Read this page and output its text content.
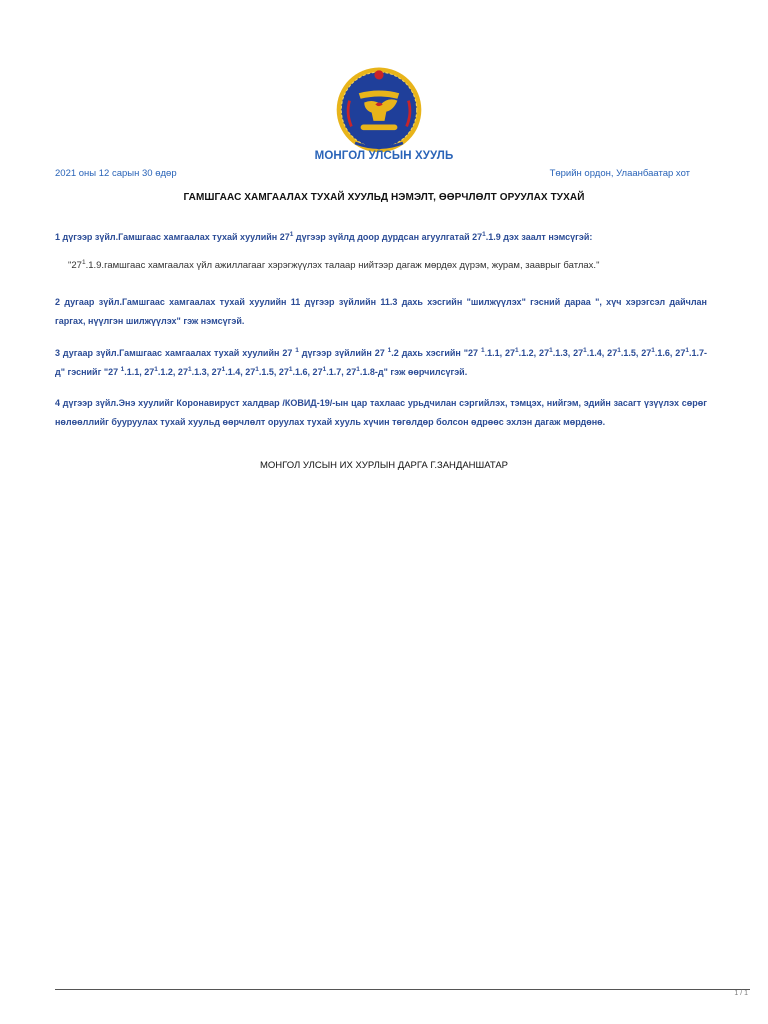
МОНГОЛ УЛСЫН ХУУЛЬ
2021 оны 12 сарын 30 өдөр	Төрийн ордон, Улаанбаатар хот
ГАМШГААС ХАМГААЛАХ ТУХАЙ ХУУЛЬД НЭМЭЛТ, ӨӨРЧЛӨЛТ ОРУУЛАХ ТУХАЙ
1 дүгээр зүйл.Гамшгаас хамгаалах тухай хуулийн $27^1$ дүгээр зүйлд доор дурдсан агуулгатай $27^1.1.9$ дэх заалт нэмсүгэй:
"$27^1.1.9.гамшгаас$ хамгаалах үйл ажиллагааг хэрэгжүүлэх талаар нийтээр дагаж мөрдөх дүрэм, журам, зааврыг батлах."
2 дугаар зүйл.Гамшгаас хамгаалах тухай хуулийн 11 дүгээр зүйлийн 11.3 дахь хэсгийн "шилжүүлэх" гэсний дараа ", хүч хэрэгсэл дайчлан гаргах, нүүлгэн шилжүүлэх" гэж нэмсүгэй.
3 дугаар зүйл.Гамшгаас хамгаалах тухай хуулийн 27 $^1$ дүгээр зүйлийн 27 $^1$.2 дахь хэсгийн "27 $^1$.1.1, $27^1.1.2$, $27^1.1.3$, $27^1.1.4$, $27^1.1.5$, $27^1.1.6$, $27^1.1.7-д$" гэснийг "27 $^1$.1.1, $27^1.1.2$, $27^1.1.3$, $27^1.1.4$, $27^1.1.5$, $27^1.1.6$, $27^1.1.7$, $27^1.1.8-д$" гэж өөрчилсүгэй.
4 дүгээр зүйл.Энэ хуулийг Коронавируст халдвар /КОВИД-19/-ын цар тахлаас урьдчилан сэргийлэх, тэмцэх, нийгэм, эдийн засагт үзүүлэх сөрөг нөлөөллийг бууруулах тухай хуульд өөрчлөлт оруулах тухай хууль хүчин төгөлдөр болсон өдрөөс эхлэн дагаж мөрдөнө.
МОНГОЛ УЛСЫН ИХ ХУРЛЫН ДАРГА Г.ЗАНДАНШАТАР
1 / 1
